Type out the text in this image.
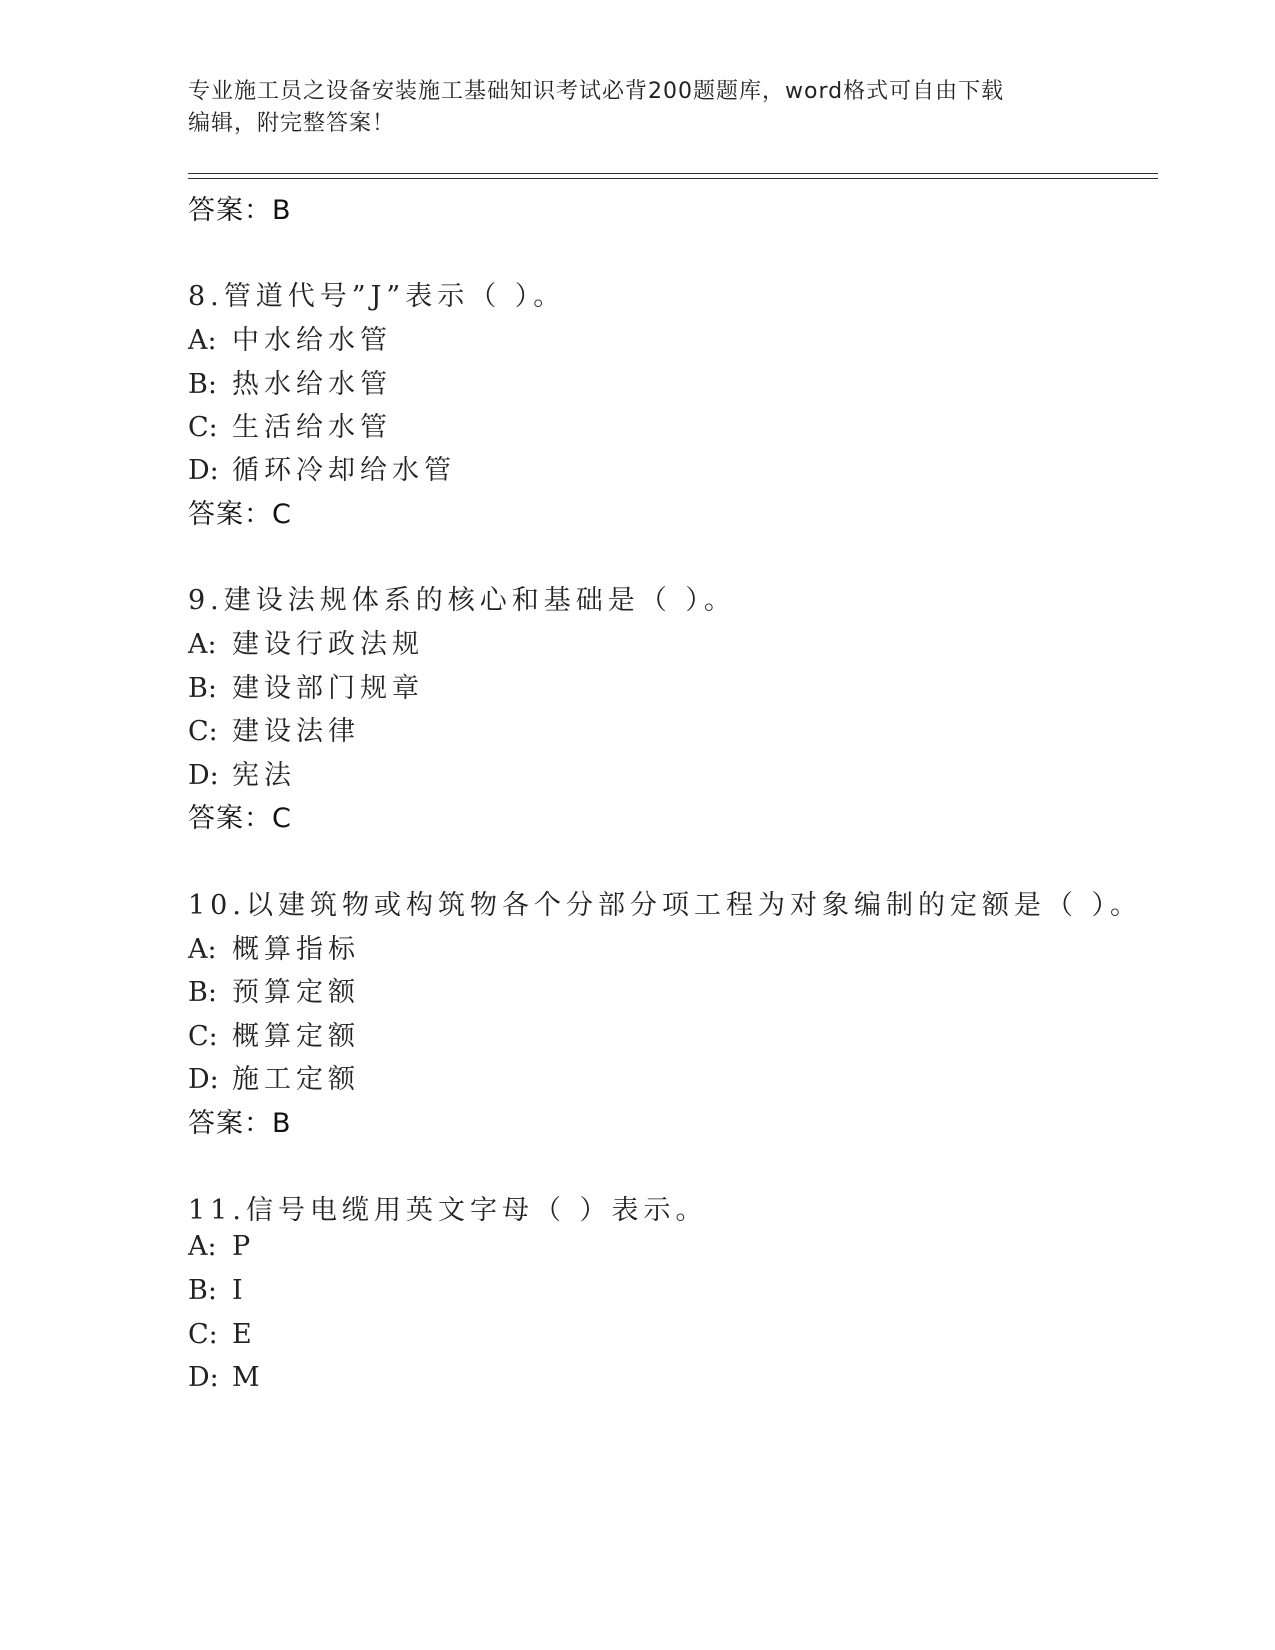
专业施工员之设备安装施工基础知识考试必背200题题库，word格式可自由下载
编辑，附完整答案！
答案：B
8.管道代号”J”表示（ ）。
A: 中水给水管
B: 热水给水管
C: 生活给水管
D: 循环冷却给水管
答案：C
9.建设法规体系的核心和基础是（ ）。
A: 建设行政法规
B: 建设部门规章
C: 建设法律
D: 宪法
答案：C
10.以建筑物或构筑物各个分部分项工程为对象编制的定额是（ ）。
A: 概算指标
B: 预算定额
C: 概算定额
D: 施工定额
答案：B
11.信号电缆用英文字母（ ）表示。
A: P
B: I
C: E
D: M
